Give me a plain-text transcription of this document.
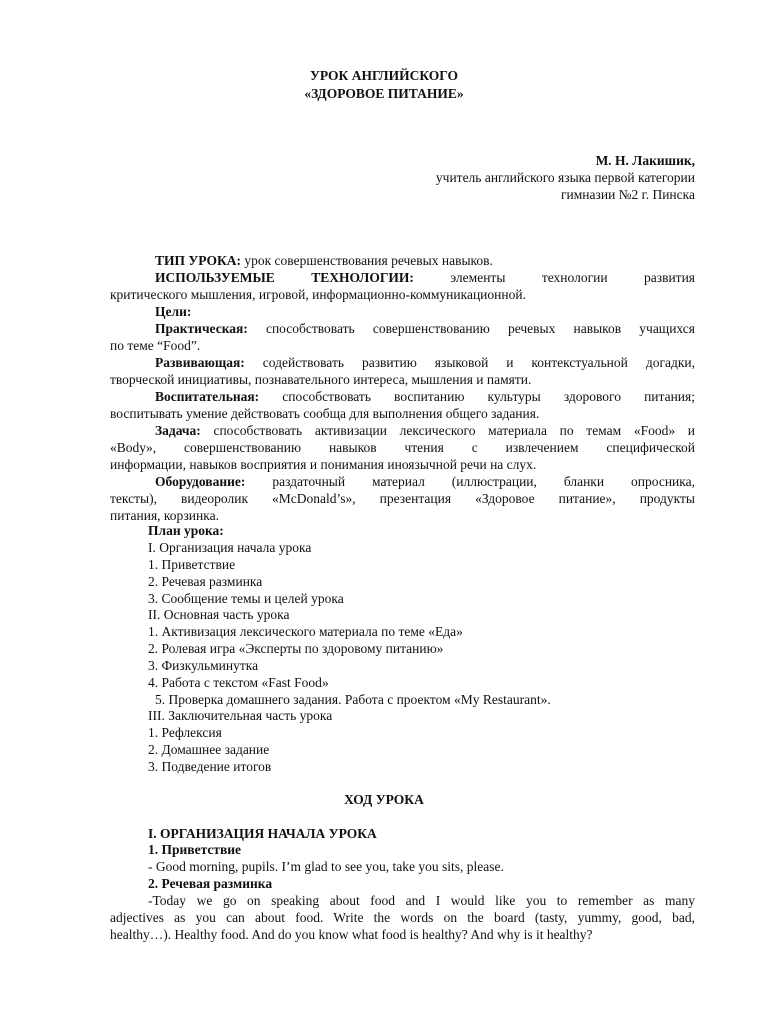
УРОК АНГЛИЙСКОГО
«ЗДОРОВОЕ ПИТАНИЕ»
М. Н. Лакишик,
учитель английского языка первой категории
гимназии №2 г. Пинска
ТИП УРОКА: урок совершенствования речевых навыков.
ИСПОЛЬЗУЕМЫЕ ТЕХНОЛОГИИ: элементы технологии развития
критического мышления, игровой, информационно-коммуникационной.
Цели:
Практическая: способствовать совершенствованию речевых навыков учащихся
по теме “Food”.
Развивающая: содействовать развитию языковой и контекстуальной догадки,
творческой инициативы, познавательного интереса, мышления и памяти.
Воспитательная: способствовать воспитанию культуры здорового питания;
воспитывать умение действовать сообща для выполнения общего задания.
Задача: способствовать активизации лексического материала по темам «Food» и
«Body», совершенствованию навыков чтения с извлечением специфической
информации, навыков восприятия и понимания иноязычной речи на слух.
Оборудование: раздаточный материал (иллюстрации, бланки опросника,
тексты), видеоролик «McDonald’s», презентация «Здоровое питание», продукты
питания, корзинка.
План урока:
I. Организация начала урока
1. Приветствие
2. Речевая разминка
3. Сообщение темы и целей урока
II. Основная часть урока
1. Активизация лексического материала по теме «Еда»
2. Ролевая игра «Эксперты по здоровому питанию»
3. Физкульминутка
4. Работа с текстом «Fast Food»
5. Проверка домашнего задания. Работа с проектом «My Restaurant».
III. Заключительная часть урока
1. Рефлексия
2. Домашнее задание
3. Подведение итогов
ХОД УРОКА
I. ОРГАНИЗАЦИЯ НАЧАЛА УРОКА
1. Приветствие
- Good morning, pupils. I’m glad to see you, take you sits, please.
2. Речевая разминка
-Today we go on speaking about food and I would like you to remember as many
adjectives as you can about food. Write the words on the board (tasty, yummy, good, bad,
healthy…). Healthy food. And do you know what food is healthy? And why is it healthy?
